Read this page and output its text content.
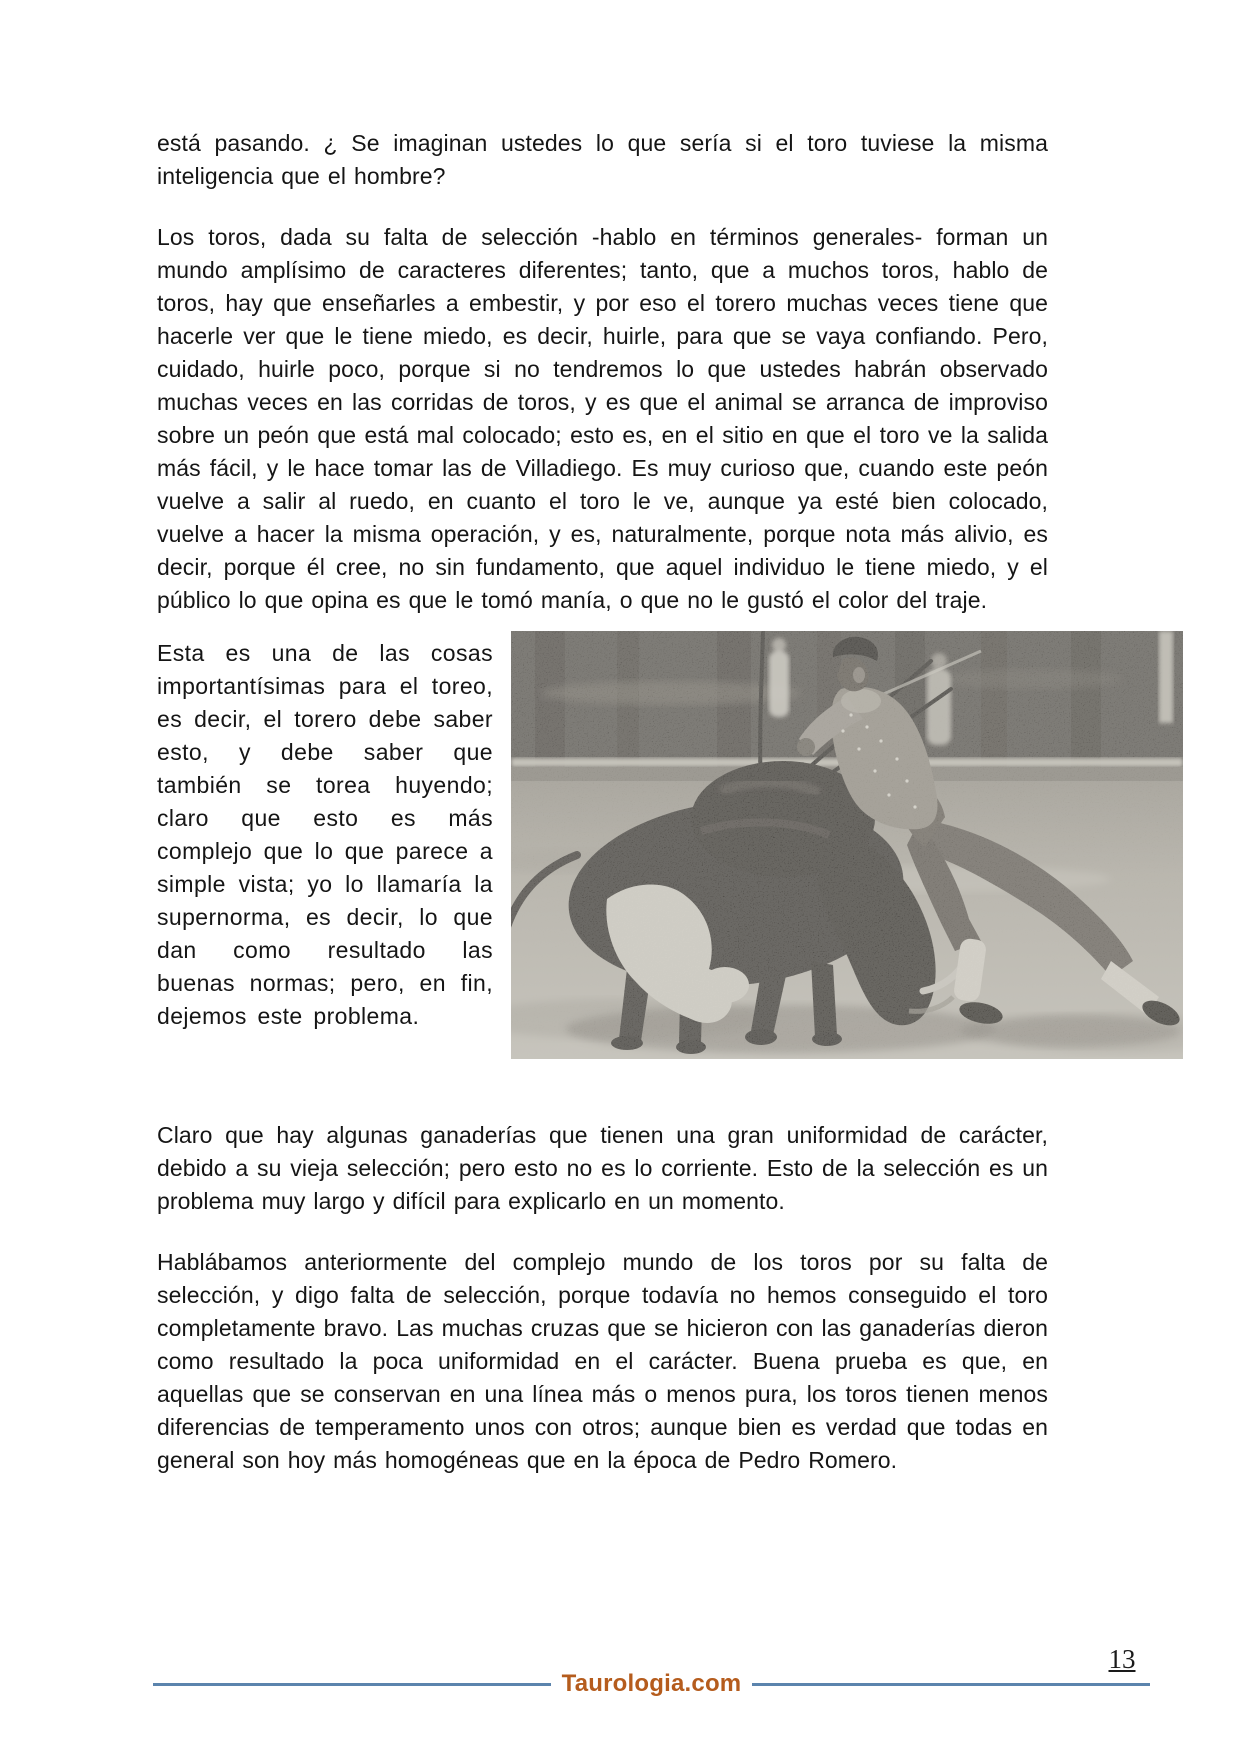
está pasando. ¿ Se imaginan ustedes lo que sería si el toro tuviese la misma inteligencia que el hombre?

Los toros, dada su falta de selección -hablo en términos generales- forman un mundo amplísimo de caracteres diferentes; tanto, que a muchos toros, hablo de toros, hay que enseñarles a embestir, y por eso el torero muchas veces tiene que hacerle ver que le tiene miedo, es decir, huirle, para que se vaya confiando. Pero, cuidado, huirle poco, porque si no tendremos lo que ustedes habrán observado muchas veces en las corridas de toros, y es que el animal se arranca de improviso sobre un peón que está mal colocado; esto es, en el sitio en que el toro ve la salida más fácil, y le hace tomar las de Villadiego. Es muy curioso que, cuando este peón vuelve a salir al ruedo, en cuanto el toro le ve, aunque ya esté bien colocado, vuelve a hacer la misma operación, y es, naturalmente, porque nota más alivio, es decir, porque él cree, no sin fundamento, que aquel individuo le tiene miedo, y el público lo que opina es que le tomó manía, o que no le gustó el color del traje.

Esta es una de las cosas importantísimas para el toreo, es decir, el torero debe saber esto, y debe saber que también se torea huyendo; claro que esto es más complejo que lo que parece a simple vista; yo lo llamaría la supernorma, es decir, lo que dan como resultado las buenas normas; pero, en fin, dejemos este problema.

Claro que hay algunas ganaderías que tienen una gran uniformidad de carácter, debido a su vieja selección; pero esto no es lo corriente. Esto de la selección es un problema muy largo y difícil para explicarlo en un momento.

Hablábamos anteriormente del complejo mundo de los toros por su falta de selección, y digo falta de selección, porque todavía no hemos conseguido el toro completamente bravo. Las muchas cruzas que se hicieron con las ganaderías dieron como resultado la poca uniformidad en el carácter. Buena prueba es que, en aquellas que se conservan en una línea más o menos pura, los toros tienen menos diferencias de temperamento unos con otros; aunque bien es verdad que todas en general son hoy más homogéneas que en la época de Pedro Romero.

13
Taurologia.com
